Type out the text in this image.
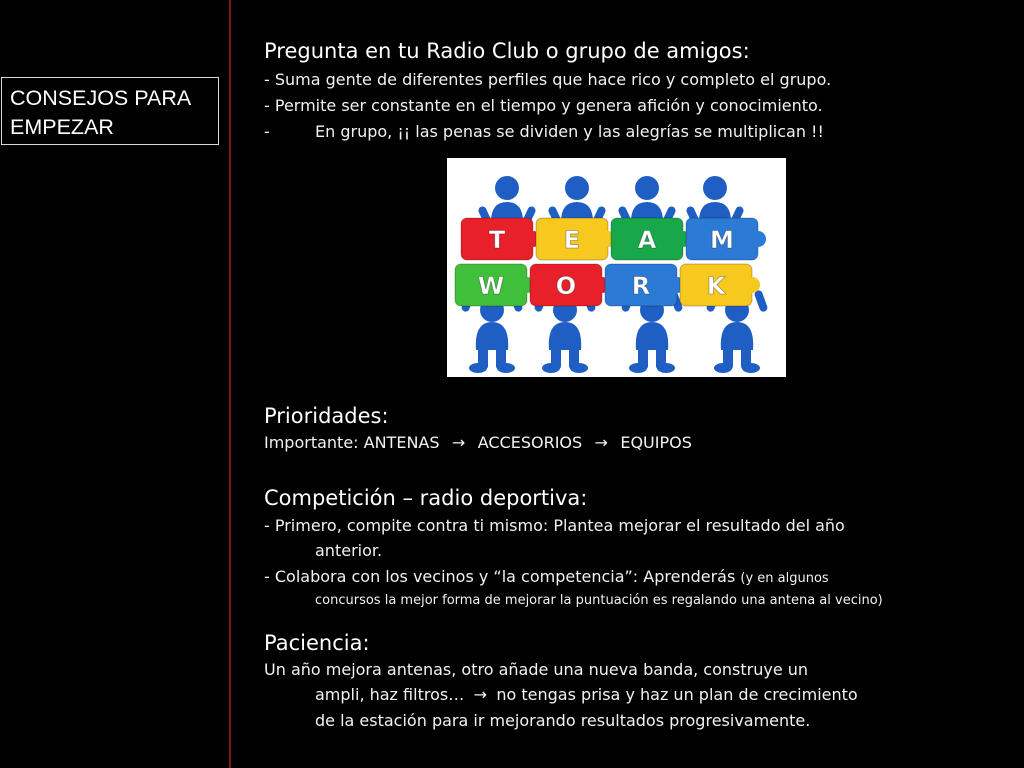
CONSEJOS PARA
EMPEZAR
Pregunta en tu Radio Club o grupo de amigos:
- Suma gente de diferentes perfiles que hace rico y completo el grupo.
- Permite ser constante en el tiempo y genera afición y conocimiento.
-	En grupo, ¡¡ las penas se dividen y las alegrías se multiplican !!
Prioridades:
Importante: ANTENAS → ACCESORIOS → EQUIPOS
Competición – radio deportiva:
- Primero, compite contra ti mismo: Plantea mejorar el resultado del año
anterior.
- Colabora con los vecinos y “la competencia”: Aprenderás (y en algunos
concursos la mejor forma de mejorar la puntuación es regalando una antena al vecino)
Paciencia:
Un año mejora antenas, otro añade una nueva banda, construye un
ampli, haz filtros… → no tengas prisa y haz un plan de crecimiento
de la estación para ir mejorando resultados progresivamente.
T E A M
W O R K
